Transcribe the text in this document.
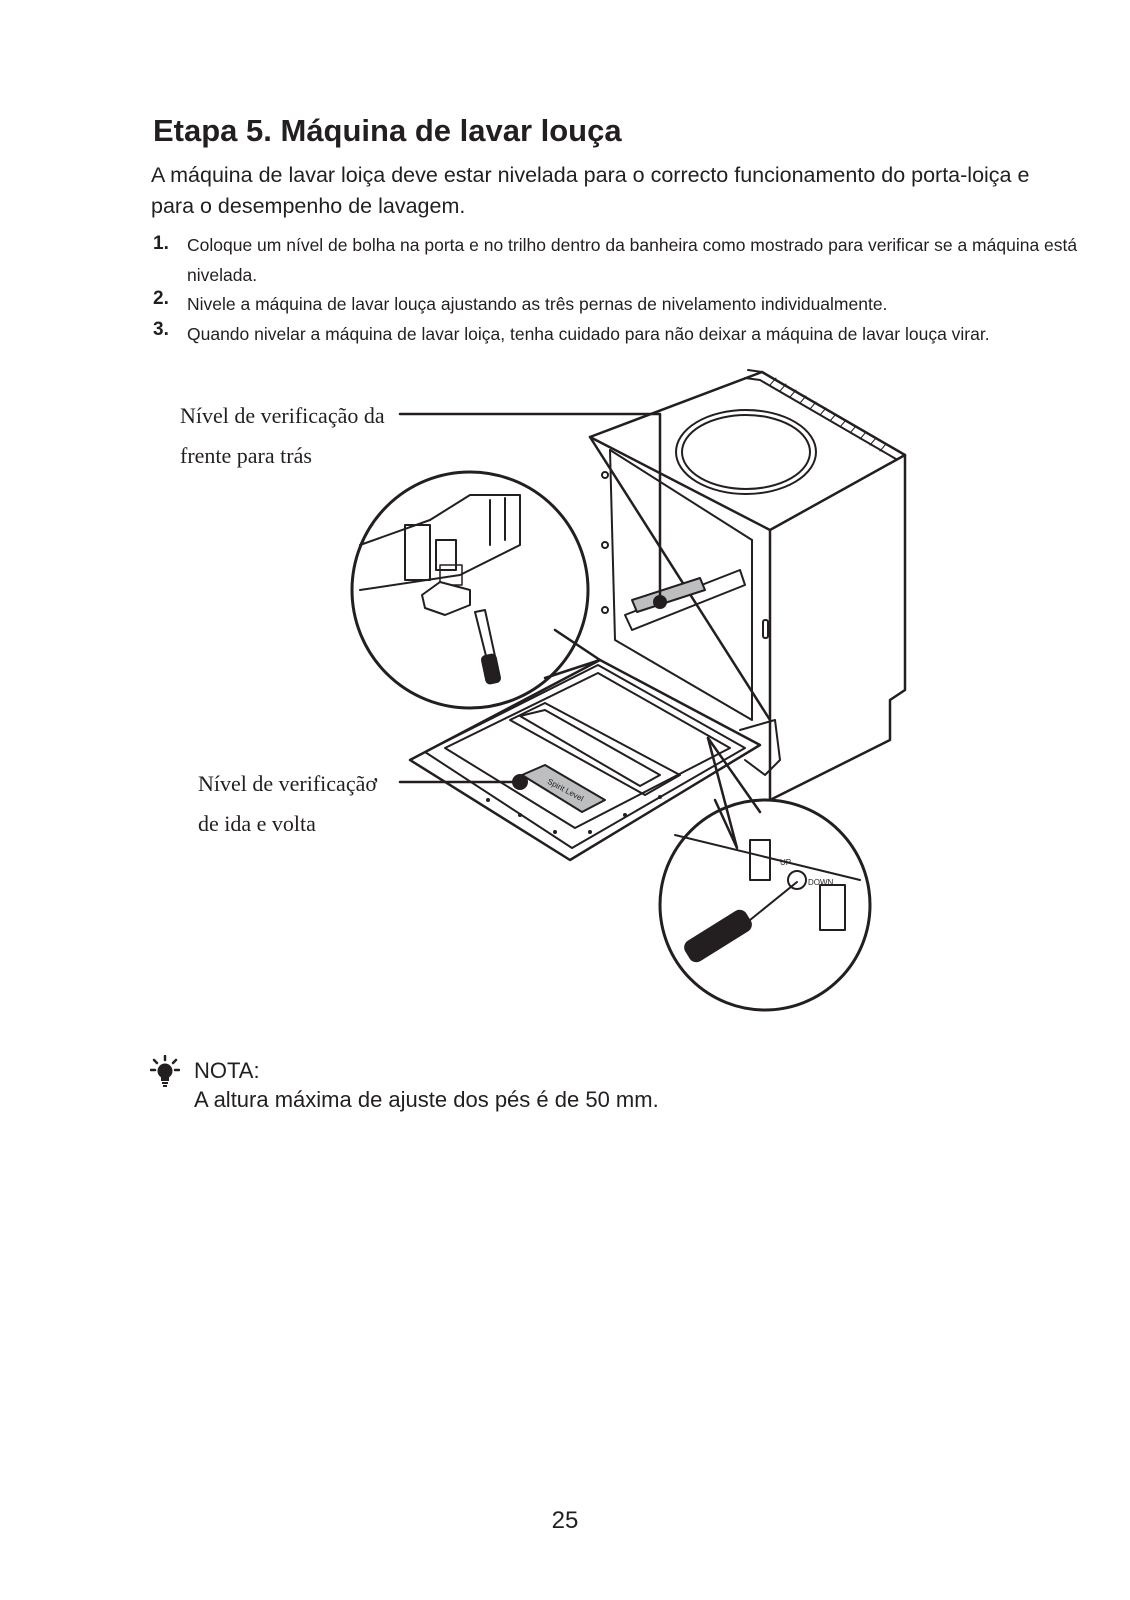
Etapa 5. Máquina de lavar louça
A máquina de lavar loiça deve estar nivelada para o correcto funcionamento do porta-loiça e para o desempenho de lavagem.
1. Coloque um nível de bolha na porta e no trilho dentro da banheira como mostrado para verificar se a máquina está nivelada.
2. Nivele a máquina de lavar louça ajustando as três pernas de nivelamento individualmente.
3. Quando nivelar a máquina de lavar loiça, tenha cuidado para não deixar a máquina de lavar louça virar.
Spirit Level
UP
DOWN
Nível de verificação da
frente para trás
Nível de verificaçãơ
de ida e volta
NOTA:
A altura máxima de ajuste dos pés é de 50 mm.
25
